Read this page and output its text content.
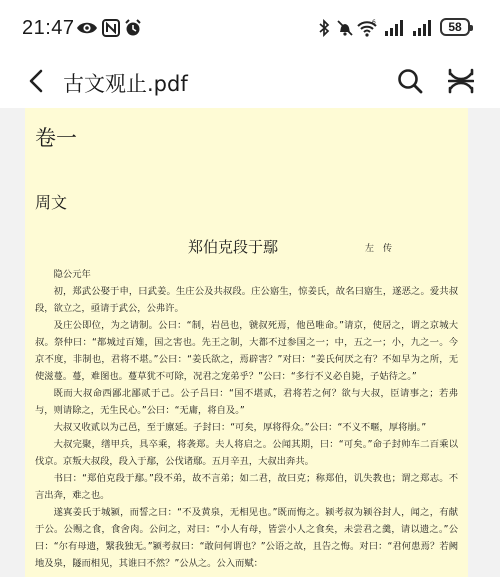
21:47	6	58
古文观止.pdf
卷一
周文
郑伯克段于鄢	左　传

隐公元年

初，郑武公娶于申，曰武姜。生庄公及共叔段。庄公寤生，惊姜氏，故名曰寤生，遂恶之。爱共叔段，欲立之，亟请于武公，公弗许。

及庄公即位，为之请制。公曰：“制，岩邑也，虢叔死焉，他邑唯命。”请京，使居之，谓之京城大叔。祭仲曰：“都城过百雉，国之害也。先王之制，大都不过参国之一；中，五之一；小，九之一。今京不度，非制也，君将不堪。”公曰：“姜氏欲之，焉辟害？”对曰：“姜氏何厌之有？不如早为之所，无使滋蔓。蔓，难图也。蔓草犹不可除，况君之宠弟乎？”公曰：“多行不义必自毙，子姑待之。”

既而大叔命西鄙北鄙贰于己。公子吕曰：“国不堪贰，君将若之何？欲与大叔，臣请事之；若弗与，则请除之，无生民心。”公曰：“无庸，将自及。”

大叔又收贰以为己邑，至于廪延。子封曰：“可矣，厚将得众。”公曰：“不义不暱，厚将崩。”

大叔完聚，缮甲兵，具卒乘，将袭郑。夫人将启之。公闻其期，曰：“可矣。”命子封帅车二百乘以伐京。京叛大叔段，段入于鄢，公伐诸鄢。五月辛丑，大叔出奔共。

书曰：“郑伯克段于鄢。”段不弟，故不言弟；如二君，故曰克；称郑伯，讥失教也；谓之郑志。不言出奔，难之也。

遂寘姜氏于城颍，而誓之曰：“不及黄泉，无相见也。”既而悔之。颍考叔为颍谷封人，闻之，有献于公。公赐之食，食舍肉。公问之，对曰：“小人有母，皆尝小人之食矣，未尝君之羹，请以遗之。”公曰：“尔有母遗，繄我独无。”颍考叔曰：“敢问何谓也？”公语之故，且告之悔。对曰：“君何患焉？若阙地及泉，隧而相见，其谁曰不然？”公从之。公入而赋：
